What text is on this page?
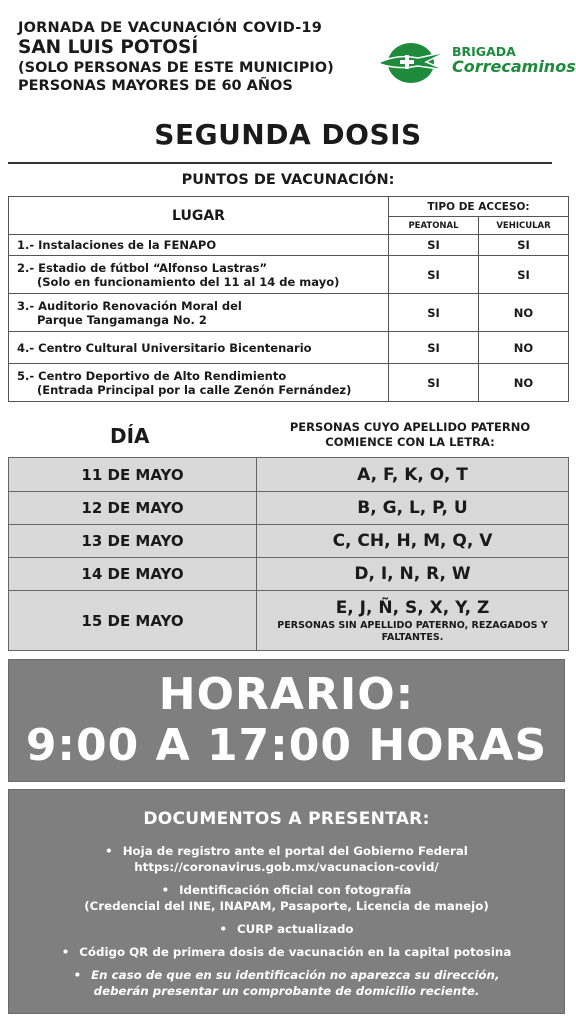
JORNADA DE VACUNACIÓN COVID-19
SAN LUIS POTOSÍ
(SOLO PERSONAS DE ESTE MUNICIPIO)
PERSONAS MAYORES DE 60 AÑOS
BRIGADA
Correcaminos
SEGUNDA DOSIS
PUNTOS DE VACUNACIÓN:
LUGAR	TIPO DE ACCESO:	
	PEATONAL	VEHICULAR
1.- Instalaciones de la FENAPO	SI	SI
2.- Estadio de fútbol “Alfonso Lastras”
(Solo en funcionamiento del 11 al 14 de mayo)	SI	SI
3.- Auditorio Renovación Moral del
Parque Tangamanga No. 2	SI	NO
4.- Centro Cultural Universitario Bicentenario	SI	NO
5.- Centro Deportivo de Alto Rendimiento
(Entrada Principal por la calle Zenón Fernández)	SI	NO
DÍA	PERSONAS CUYO APELLIDO PATERNO COMIENCE CON LA LETRA:
11 DE MAYO	A, F, K, O, T
12 DE MAYO	B, G, L, P, U
13 DE MAYO	C, CH, H, M, Q, V
14 DE MAYO	D, I, N, R, W
15 DE MAYO	E, J, Ñ, S, X, Y, Z
PERSONAS SIN APELLIDO PATERNO, REZAGADOS Y FALTANTES.
HORARIO:
9:00 A 17:00 HORAS
DOCUMENTOS A PRESENTAR:
• Hoja de registro ante el portal del Gobierno Federal
https://coronavirus.gob.mx/vacunacion-covid/
• Identificación oficial con fotografía
(Credencial del INE, INAPAM, Pasaporte, Licencia de manejo)
• CURP actualizado
• Código QR de primera dosis de vacunación en la capital potosina
• En caso de que en su identificación no aparezca su dirección,
deberán presentar un comprobante de domicilio reciente.
